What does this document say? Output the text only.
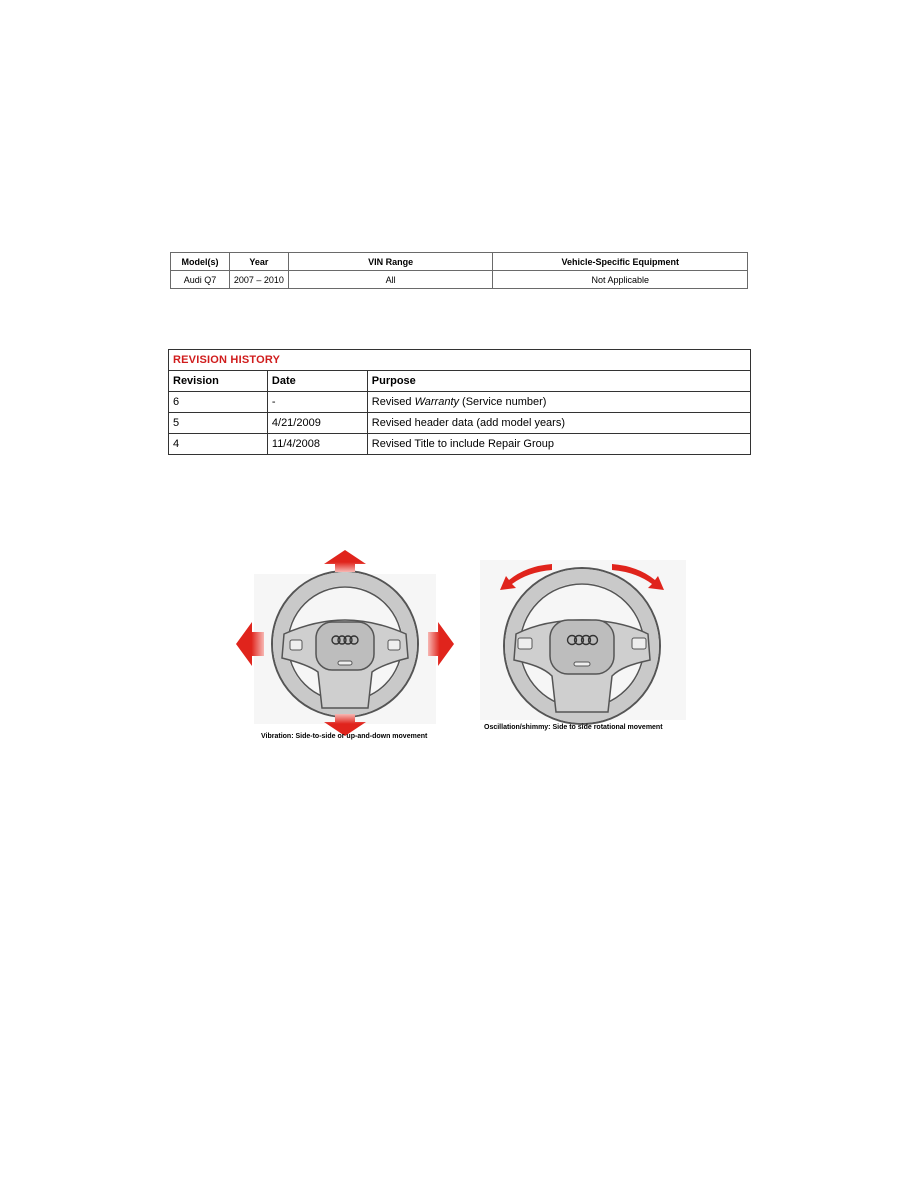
Model(s)	Year	VIN Range	Vehicle-Specific Equipment
Audi Q7	2007 – 2010	All	Not Applicable
REVISION HISTORY		
Revision	Date	Purpose
6	-	Revised Warranty (Service number)
5	4/21/2009	Revised header data (add model years)
4	11/4/2008	Revised Title to include Repair Group
Vibration: Side-to-side or up-and-down movement
Oscillation/shimmy: Side to side rotational movement
